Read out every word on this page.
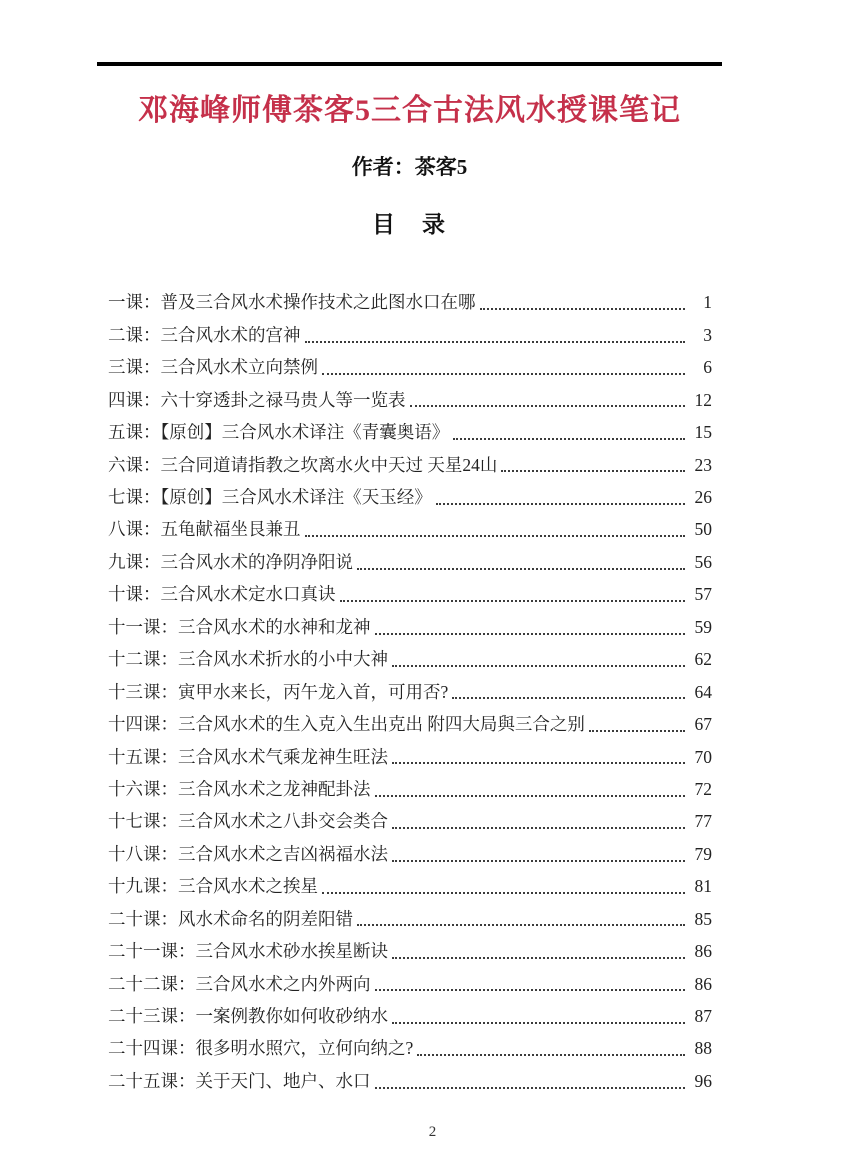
邓海峰师傅茶客5三合古法风水授课笔记
作者：茶客5
目　录
一课：普及三合风水术操作技术之此图水口在哪	1
二课：三合风水术的宫神	3
三课：三合风水术立向禁例	6
四课：六十穿透卦之禄马贵人等一览表	12
五课：【原创】三合风水术译注《青囊奥语》	15
六课：三合同道请指教之坎离水火中天过 天星24山	23
七课：【原创】三合风水术译注《天玉经》	26
八课：五龟献福坐艮兼丑	50
九课：三合风水术的净阴净阳说	56
十课：三合风水术定水口真诀	57
十一课：三合风水术的水神和龙神	59
十二课：三合风水术折水的小中大神	62
十三课：寅甲水来长，丙午龙入首，可用否?	64
十四课：三合风水术的生入克入生出克出 附四大局與三合之别	67
十五课：三合风水术气乘龙神生旺法	70
十六课：三合风水术之龙神配卦法	72
十七课：三合风水术之八卦交会类合	77
十八课：三合风水术之吉凶祸福水法	79
十九课：三合风水术之挨星	81
二十课：风水术命名的阴差阳错	85
二十一课：三合风水术砂水挨星断诀	86
二十二课：三合风水术之内外两向	86
二十三课：一案例教你如何收砂纳水	87
二十四课：很多明水照穴，立何向纳之?	88
二十五课：关于天门、地户、水口	96
2
